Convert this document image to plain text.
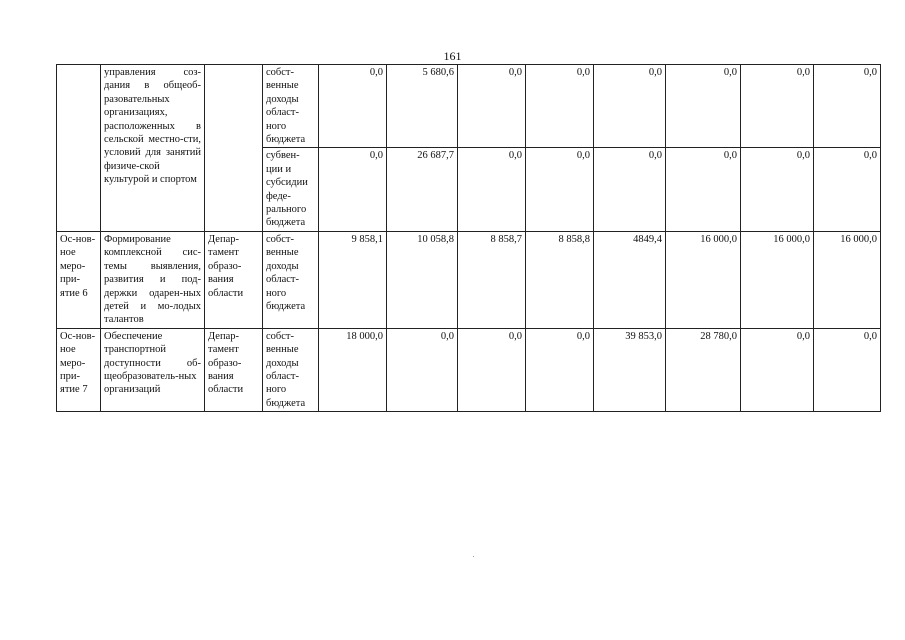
161
	управления соз-дания в общеоб-разовательных организациях, расположенных в сельской местно-сти, условий для занятий физиче-ской культурой и спортом		собст-венные доходы област-ного бюджета	0,0	5 680,6	0,0	0,0	0,0	0,0	0,0	0,0
			субвен-ции и субсидии феде-рального бюджета	0,0	26 687,7	0,0	0,0	0,0	0,0	0,0	0,0
Ос-нов-ное меро-при-ятие 6	Формирование комплексной сис-темы выявления, развития и под-держки одарен-ных детей и мо-лодых талантов	Депар-тамент образо-вания области	собст-венные доходы област-ного бюджета	9 858,1	10 058,8	8 858,7	8 858,8	4849,4	16 000,0	16 000,0	16 000,0
Ос-нов-ное меро-при-ятие 7	Обеспечение транспортной доступности об-щеобразователь-ных организаций	Депар-тамент образо-вания области	собст-венные доходы област-ного бюджета	18 000,0	0,0	0,0	0,0	39 853,0	28 780,0	0,0	0,0
